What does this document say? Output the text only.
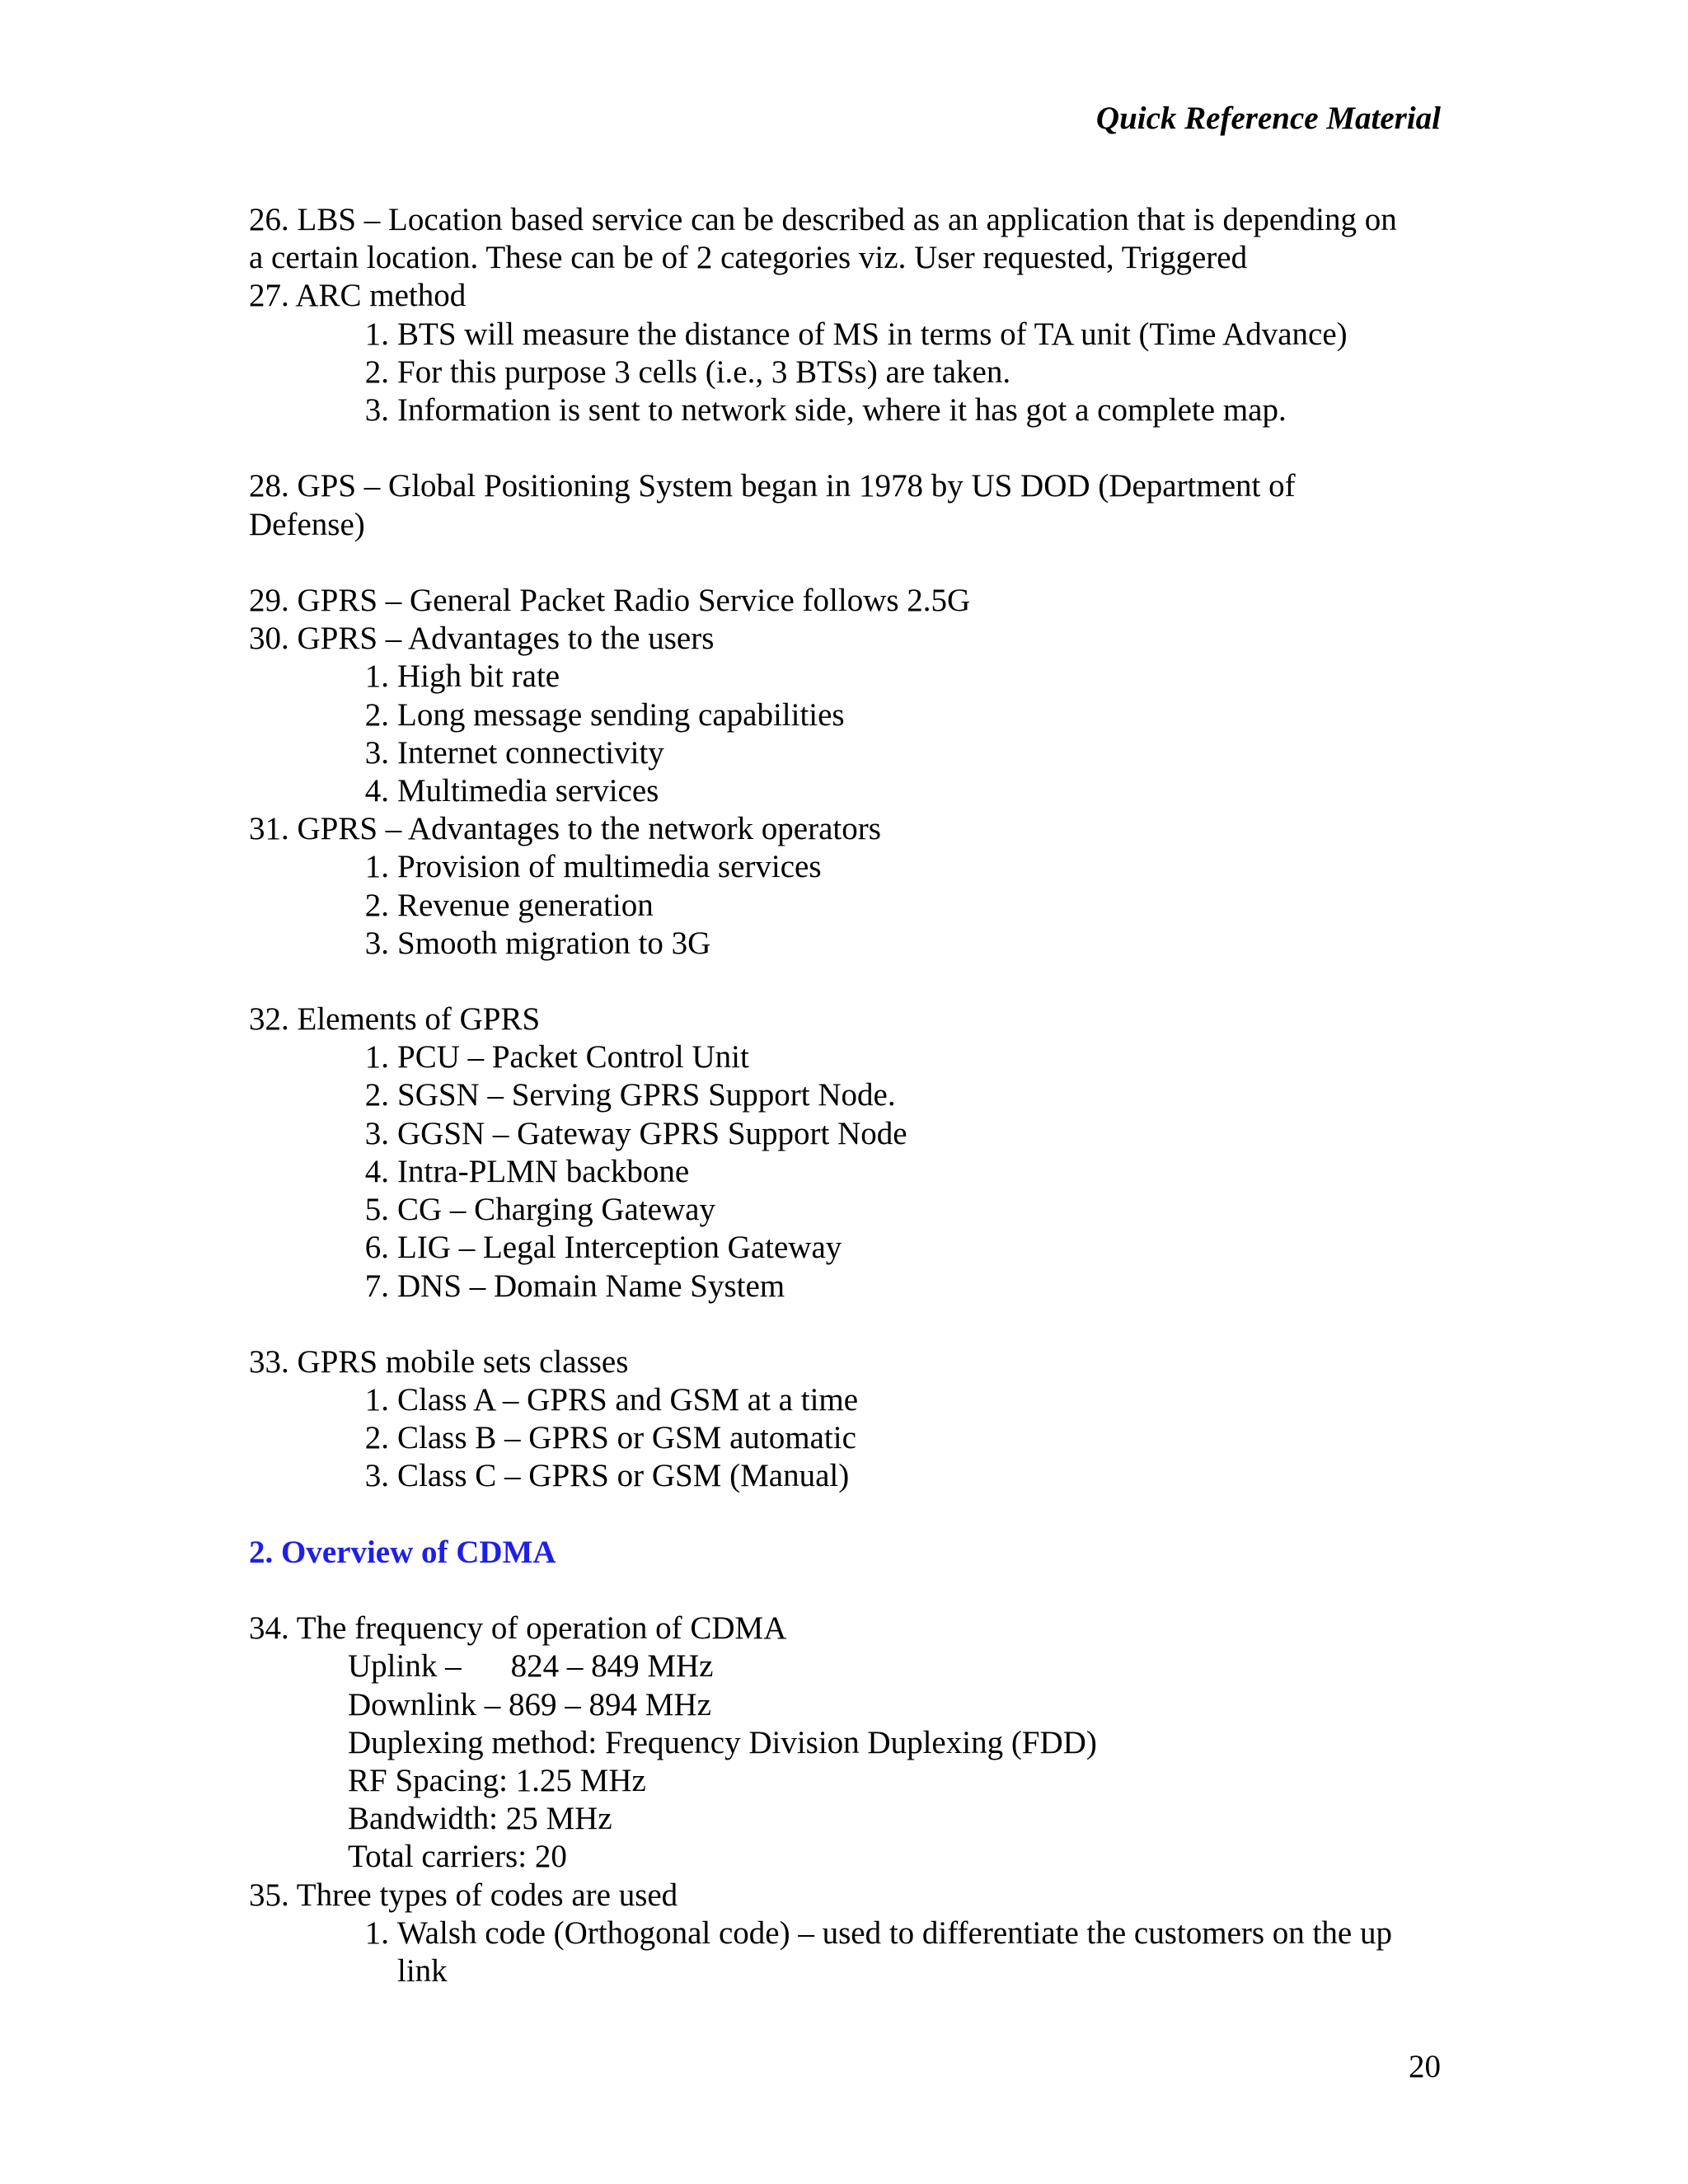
Quick Reference Material
26. LBS – Location based service can be described as an application that is depending on
a certain location. These can be of 2 categories viz. User requested, Triggered
27. ARC method
1. BTS will measure the distance of MS in terms of TA unit (Time Advance)
2. For this purpose 3 cells (i.e., 3 BTSs) are taken.
3. Information is sent to network side, where it has got a complete map.
28. GPS – Global Positioning System began in 1978 by US DOD (Department of
Defense)
29. GPRS – General Packet Radio Service follows 2.5G
30. GPRS – Advantages to the users
1. High bit rate
2. Long message sending capabilities
3. Internet connectivity
4. Multimedia services
31. GPRS – Advantages to the network operators
1. Provision of multimedia services
2. Revenue generation
3. Smooth migration to 3G
32. Elements of GPRS
1. PCU – Packet Control Unit
2. SGSN – Serving GPRS Support Node.
3. GGSN – Gateway GPRS Support Node
4. Intra-PLMN backbone
5. CG – Charging Gateway
6. LIG – Legal Interception Gateway
7. DNS – Domain Name System
33. GPRS mobile sets classes
1. Class A – GPRS and GSM at a time
2. Class B – GPRS or GSM automatic
3. Class C – GPRS or GSM (Manual)
2. Overview of CDMA
34. The frequency of operation of CDMA
Uplink – 824 – 849 MHz
Downlink – 869 – 894 MHz
Duplexing method: Frequency Division Duplexing (FDD)
RF Spacing: 1.25 MHz
Bandwidth: 25 MHz
Total carriers: 20
35. Three types of codes are used
1. Walsh code (Orthogonal code) – used to differentiate the customers on the up link
20
